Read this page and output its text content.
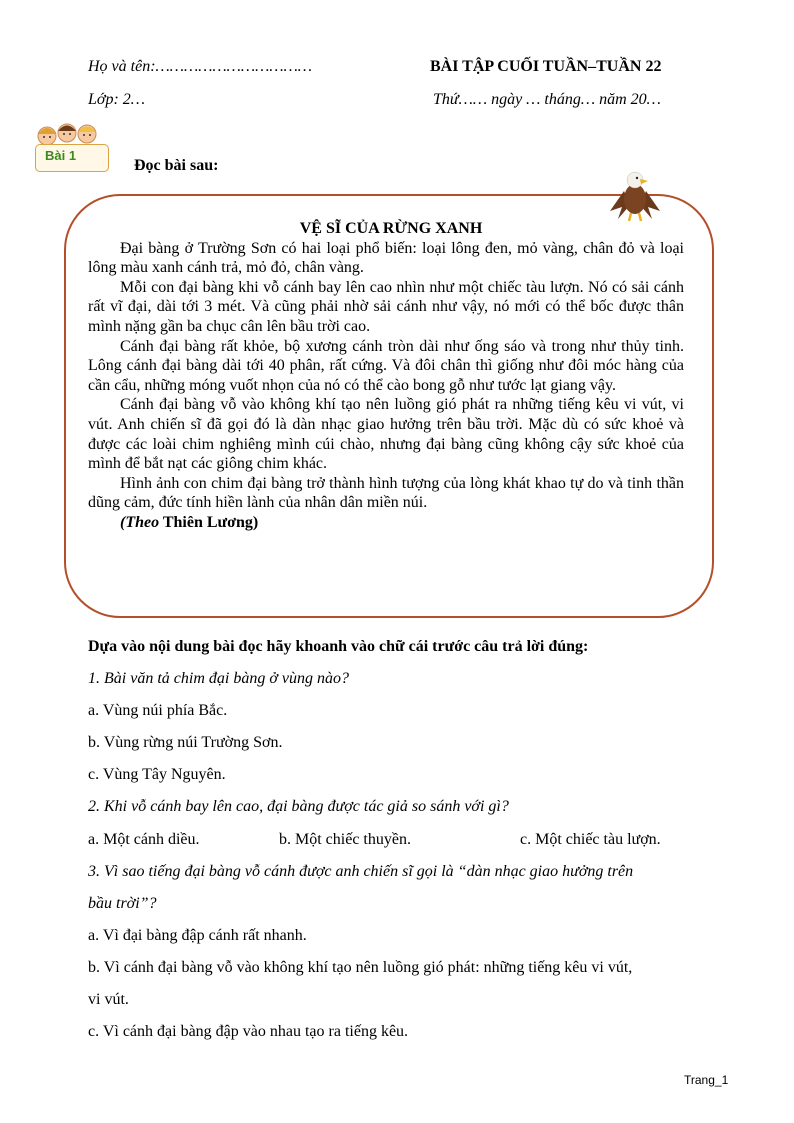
Họ và tên:……………………………	BÀI TẬP CUỐI TUẦN–TUẦN 22
Lớp: 2…	Thứ…… ngày … tháng… năm 20…
Bài 1
Đọc bài sau:
VỆ SĨ CỦA RỪNG XANH

Đại bàng ở Trường Sơn có hai loại phổ biến: loại lông đen, mỏ vàng, chân đỏ và loại lông màu xanh cánh trả, mỏ đỏ, chân vàng.

Mỗi con đại bàng khi vỗ cánh bay lên cao nhìn như một chiếc tàu lượn. Nó có sải cánh rất vĩ đại, dài tới 3 mét. Và cũng phải nhờ sải cánh như vậy, nó mới có thể bốc được thân mình nặng gần ba chục cân lên bầu trời cao.

Cánh đại bàng rất khỏe, bộ xương cánh tròn dài như ống sáo và trong như thủy tinh. Lông cánh đại bàng dài tới 40 phân, rất cứng. Và đôi chân thì giống như đôi móc hàng của cần cẩu, những móng vuốt nhọn của nó có thể cào bong gỗ như tước lạt giang vậy.

Cánh đại bàng vỗ vào không khí tạo nên luồng gió phát ra những tiếng kêu vi vút, vi vút. Anh chiến sĩ đã gọi đó là dàn nhạc giao hưởng trên bầu trời. Mặc dù có sức khoẻ và được các loài chim nghiêng mình cúi chào, nhưng đại bàng cũng không cậy sức khoẻ của mình để bắt nạt các giông chim khác.

Hình ảnh con chim đại bàng trở thành hình tượng của lòng khát khao tự do và tinh thần dũng cảm, đức tính hiền lành của nhân dân miền núi.

(Theo Thiên Lương)

Dựa vào nội dung bài đọc hãy khoanh vào chữ cái trước câu trả lời đúng:
1. Bài văn tả chim đại bàng ở vùng nào?
a. Vùng núi phía Bắc.
b. Vùng rừng núi Trường Sơn.
c. Vùng Tây Nguyên.
2. Khi vỗ cánh bay lên cao, đại bàng được tác giả so sánh với gì?
a. Một cánh diều.	b. Một chiếc thuyền.	c. Một chiếc tàu lượn.
3. Vì sao tiếng đại bàng vỗ cánh được anh chiến sĩ gọi là “dàn nhạc giao hưởng trên
bầu trời”?
a. Vì đại bàng đập cánh rất nhanh.
b. Vì cánh đại bàng vỗ vào không khí tạo nên luồng gió phát: những tiếng kêu vi vút,
vi vút.
c. Vì cánh đại bàng đập vào nhau tạo ra tiếng kêu.
Trang_1
